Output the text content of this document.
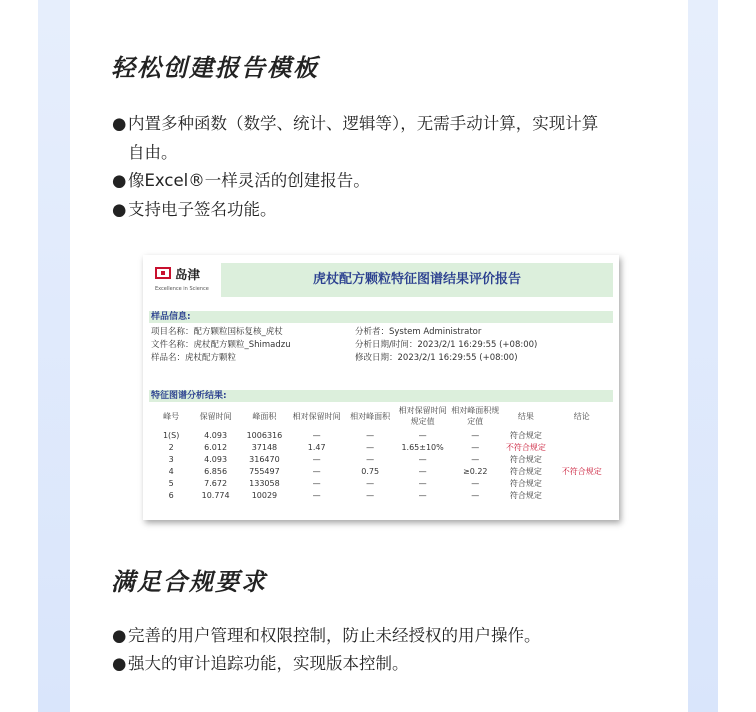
轻松创建报告模板
●内置多种函数（数学、统计、逻辑等），无需手动计算，实现计算
自由。
●像Excel®一样灵活的创建报告。
●支持电子签名功能。
岛津
Excellence in Science
虎杖配方颗粒特征图谱结果评价报告
样品信息:
项目名称：配方颗粒国标复核_虎杖
文件名称：虎杖配方颗粒_Shimadzu
样品名：虎杖配方颗粒
分析者：System Administrator
分析日期/时间：2023/2/1 16:29:55 (+08:00)
修改日期：2023/2/1 16:29:55 (+08:00)
特征图谱分析结果:
峰号	保留时间	峰面积	相对保留时间	相对峰面积	相对保留时间规定值	相对峰面积规定值	结果	结论
1(S)	4.093	1006316	—	—	—	—	符合规定	
2	6.012	37148	1.47	—	1.65±10%	—	不符合规定	
3	4.093	316470	—	—	—	—	符合规定	
4	6.856	755497	—	0.75	—	≥0.22	符合规定	不符合规定
5	7.672	133058	—	—	—	—	符合规定	
6	10.774	10029	—	—	—	—	符合规定	
满足合规要求
●完善的用户管理和权限控制，防止未经授权的用户操作。
●强大的审计追踪功能，实现版本控制。
